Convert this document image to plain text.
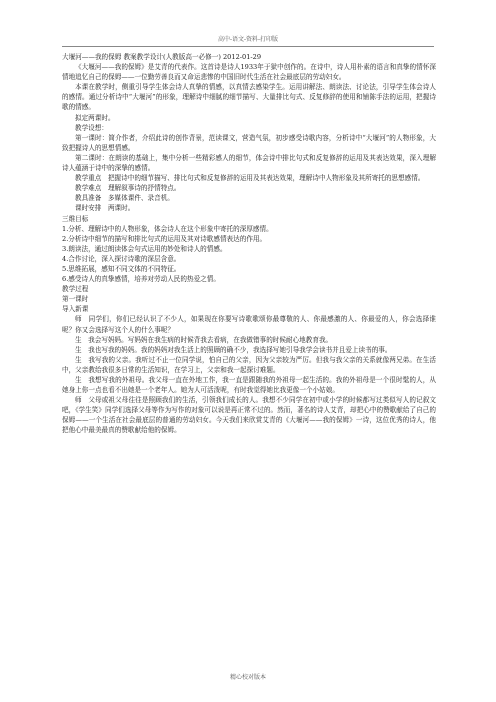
高中-语文-资料-打印版

大堰河——我的保姆 教案教学设计(人教版高一必修一) 2012-01-29

《大堰河——我的保姆》是艾青的代表作。这首诗是诗人1933年于狱中创作的。在诗中，诗人用朴素的语言和真挚的情怀深情地追忆自己的保姆——一位勤劳善良而又命运悲惨的中国旧时代生活在社会最底层的劳动妇女。

本课在教学时，侧重引导学生体会诗人真挚的情感，以真情去感染学生。运用讲解法、朗读法、讨论法，引导学生体会诗人的感情。通过分析诗中“大堰河”的形象，理解诗中细腻的细节描写、大量排比句式、反复修辞的使用和铺陈手法的运用，把握诗歌的情感。

拟定两课时。

教学设想：

第一课时：简介作者，介绍此诗的创作背景，范读课文，营造气氛，初步感受诗歌内容，分析诗中“大堰河”的人物形象，大致把握诗人的思想情感。

第二课时：在朗读的基础上，集中分析一些精彩感人的细节，体会诗中排比句式和反复修辞的运用及其表达效果，深入理解诗人蕴涵于诗中的深挚的感情。

教学重点　把握诗中的细节描写、排比句式和反复修辞的运用及其表达效果，理解诗中人物形象及其所寄托的思想感情。

教学难点　理解叙事诗的抒情特点。

教具准备　多媒体课件、录音机。

课时安排　两课时。

三维目标

1.分析、理解诗中的人物形象，体会诗人在这个形象中寄托的深厚感情。

2.分析诗中细节的描写和排比句式的运用及其对诗歌感情表达的作用。

3.朗读法，通过朗读体会句式运用的妙处和诗人的情感。

4.合作讨论，深入探讨诗歌的深层含意。

5.思维拓展，感知不同文体的不同特征。

6.感受诗人的真挚感情，培养对劳动人民的热爱之情。

教学过程

第一课时

导入新课

师　同学们，你们已经认识了不少人，如果现在你要写诗歌歌颂你最尊敬的人、你最感激的人、你最爱的人，你会选择谁呢？你又会选择写这个人的什么事呢？

生　我会写妈妈。写妈妈在我生病的时候背我去看病，在我做错事的时候耐心地教育我。

生　我也写我的妈妈。我的妈妈对我生活上的照顾的确不少，我选择写她引导我学会读书并且爱上读书的事。

生　我写我的父亲。我听过不止一位同学说，怕自己的父亲，因为父亲较为严厉。但我与我父亲的关系就像两兄弟。在生活中，父亲教给我很多日常的生活知识，在学习上，父亲和我一起探讨难题。

生　我想写我的外祖母。我父母一直在外地工作，我一直是跟随我的外祖母一起生活的。我的外祖母是一个很时髦的人，从她身上你一点也看不出她是一个老年人。她为人可活泼呢，有时我觉得她比我更像一个小姑娘。

师　父母或祖父母往往是照顾我们的生活，引领我们成长的人。我想不少同学在初中或小学的时候都写过类似写人的记叙文吧，《学生笑》同学们选择父母等作为写作的对象可以说是再正常不过的。然而，著名的诗人艾青，却把心中的赞歌献给了自己的保姆——一个生活在社会最底层的普通的劳动妇女。今天我们来欣赏艾青的《大堰河——我的保姆》一诗，这位优秀的诗人，他把他心中最美最真的赞歌献给他的保姆。

精心校对版本
